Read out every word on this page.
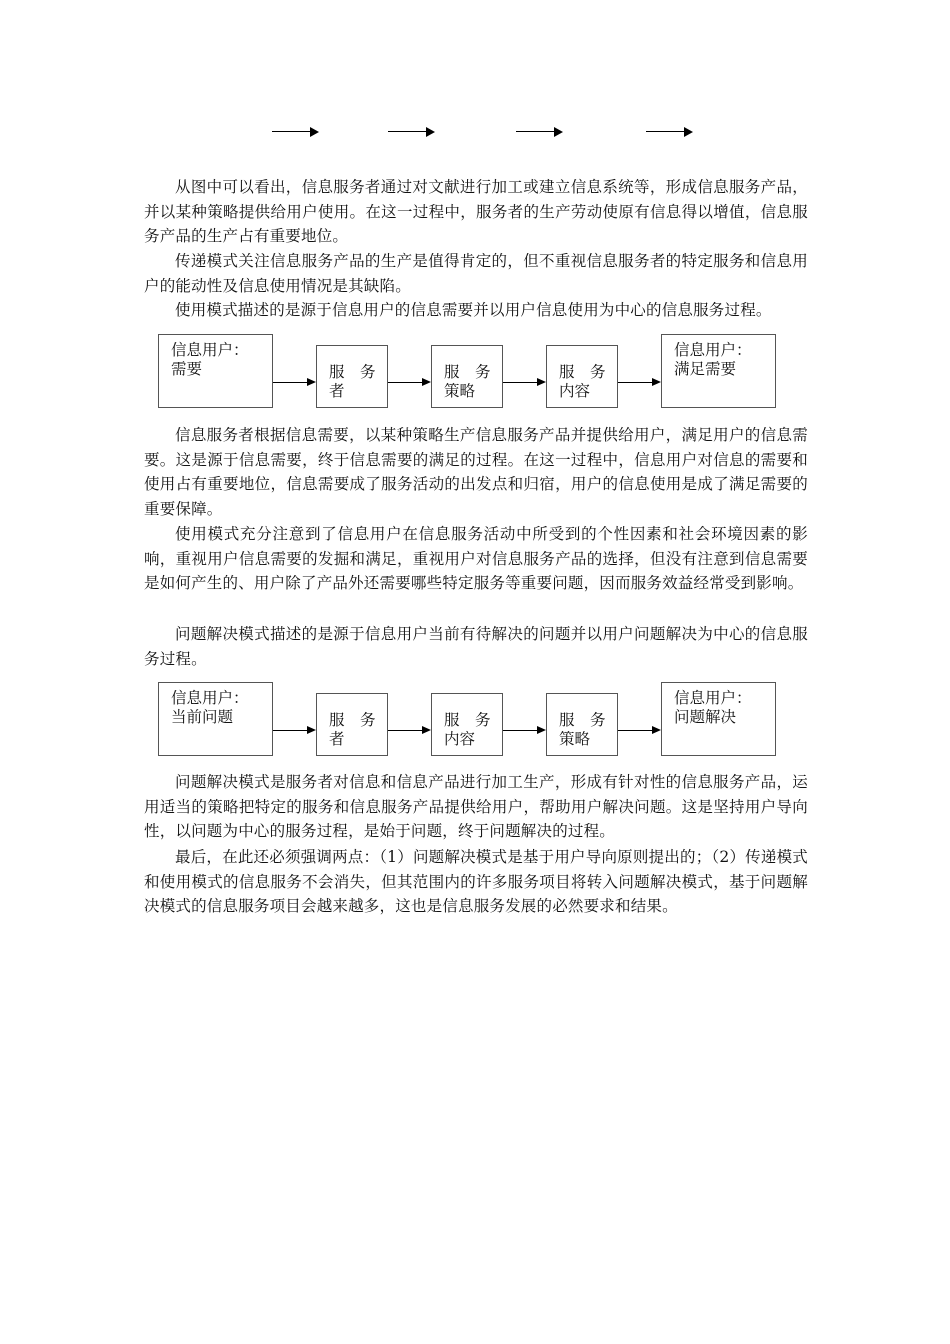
从图中可以看出，信息服务者通过对文献进行加工或建立信息系统等，形成信息服务产品，并以某种策略提供给用户使用。在这一过程中，服务者的生产劳动使原有信息得以增值，信息服务产品的生产占有重要地位。

传递模式关注信息服务产品的生产是值得肯定的，但不重视信息服务者的特定服务和信息用户的能动性及信息使用情况是其缺陷。

使用模式描述的是源于信息用户的信息需要并以用户信息使用为中心的信息服务过程。

信息用户：
需要	服　务
者
服　务
策略
服　务
内容
信息用户：
满足需要

信息服务者根据信息需要，以某种策略生产信息服务产品并提供给用户，满足用户的信息需要。这是源于信息需要，终于信息需要的满足的过程。在这一过程中，信息用户对信息的需要和使用占有重要地位，信息需要成了服务活动的出发点和归宿，用户的信息使用是成了满足需要的重要保障。

使用模式充分注意到了信息用户在信息服务活动中所受到的个性因素和社会环境因素的影响，重视用户信息需要的发掘和满足，重视用户对信息服务产品的选择，但没有注意到信息需要是如何产生的、用户除了产品外还需要哪些特定服务等重要问题，因而服务效益经常受到影响。

问题解决模式描述的是源于信息用户当前有待解决的问题并以用户问题解决为中心的信息服务过程。

信息用户：
当前问题	服　务
者
服　务
内容
服　务
策略
信息用户：
问题解决

问题解决模式是服务者对信息和信息产品进行加工生产，形成有针对性的信息服务产品，运用适当的策略把特定的服务和信息服务产品提供给用户，帮助用户解决问题。这是坚持用户导向性，以问题为中心的服务过程，是始于问题，终于问题解决的过程。

最后，在此还必须强调两点：（1）问题解决模式是基于用户导向原则提出的；（2）传递模式和使用模式的信息服务不会消失，但其范围内的许多服务项目将转入问题解决模式，基于问题解决模式的信息服务项目会越来越多，这也是信息服务发展的必然要求和结果。
